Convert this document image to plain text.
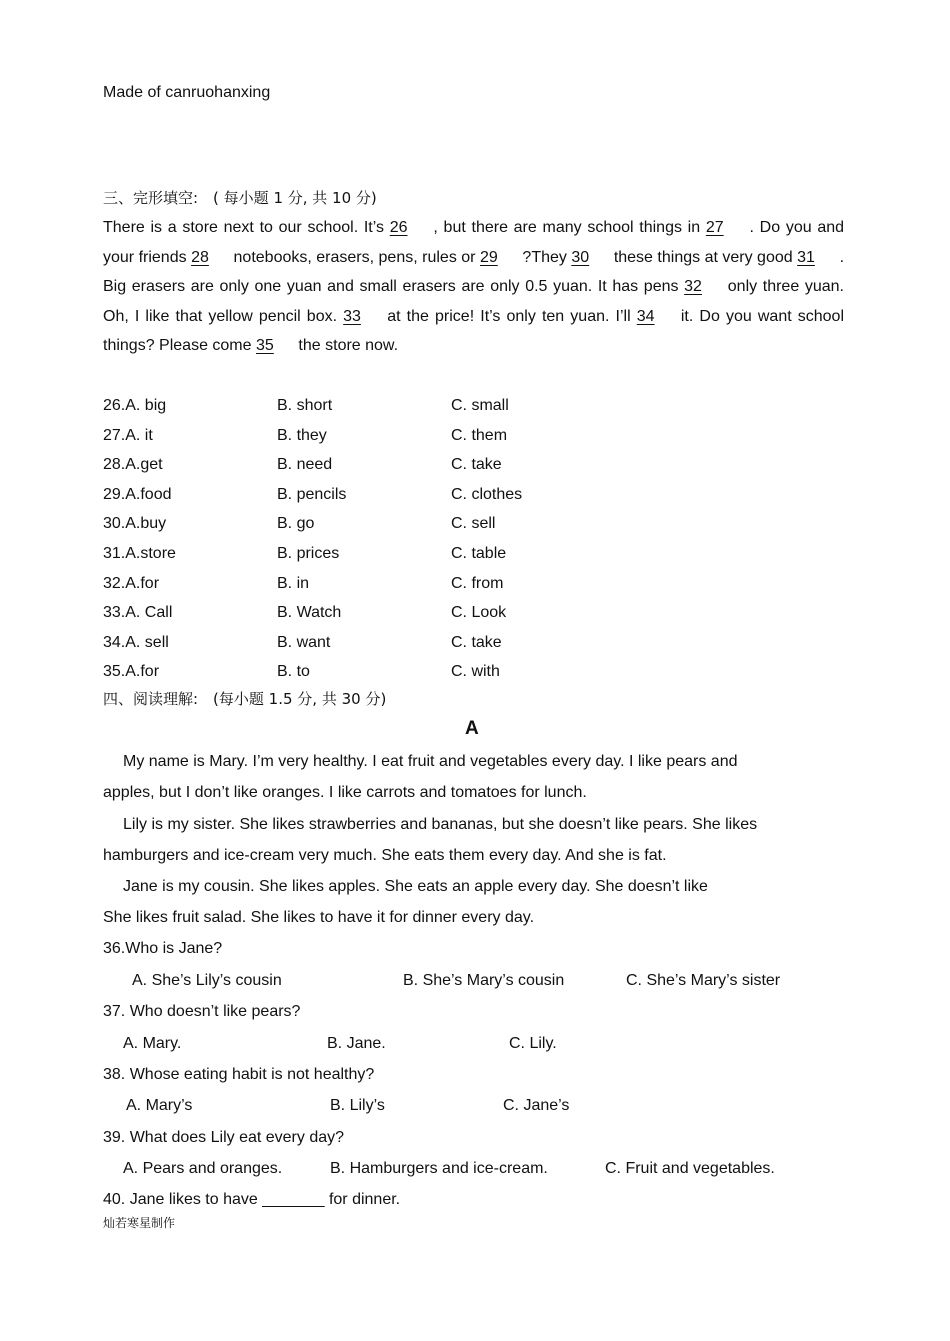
Made of canruohanxing
三、完形填空:　( 每小题 1 分, 共 10 分)
There is a store next to our school. It’s 26 , but there are many school things in 27 . Do you and your friends 28 notebooks, erasers, pens, rules or 29 ?They 30 these things at very good 31 . Big erasers are only one yuan and small erasers are only 0.5 yuan. It has pens 32 only three yuan. Oh, I like that yellow pencil box. 33 at the price! It’s only ten yuan. I’ll 34 it. Do you want school things? Please come 35 the store now.
26.A. big	B. short	C. small
27.A. it	B. they	C. them
28.A.get	B. need	C. take
29.A.food	B. pencils	C. clothes
30.A.buy	B. go	C. sell
31.A.store	B. prices	C. table
32.A.for	B. in	C. from
33.A. Call	B. Watch	C. Look
34.A. sell	B. want	C. take
35.A.for	B. to	C. with
四、阅读理解:　(每小题 1.5 分, 共 30 分)
A
My name is Mary. I’m very healthy. I eat fruit and vegetables every day. I like pears and
apples, but I don’t like oranges. I like carrots and tomatoes for lunch.
Lily is my sister. She likes strawberries and bananas, but she doesn’t like pears. She likes
hamburgers and ice-cream very much. She eats them every day. And she is fat.
Jane is my cousin. She likes apples. She eats an apple every day. She doesn’t like
She likes fruit salad. She likes to have it for dinner every day.
36.Who is Jane?
A. She’s Lily’s cousin	B. She’s Mary’s cousin	C. She’s Mary’s sister
37. Who doesn’t like pears?
A. Mary.	B. Jane.	C. Lily.
38. Whose eating habit is not healthy?
A. Mary’s	B. Lily’s	C. Jane’s
39. What does Lily eat every day?
A. Pears and oranges.	B. Hamburgers and ice-cream.	C. Fruit and vegetables.
40. Jane likes to have _______ for dinner.
灿若寒星制作
